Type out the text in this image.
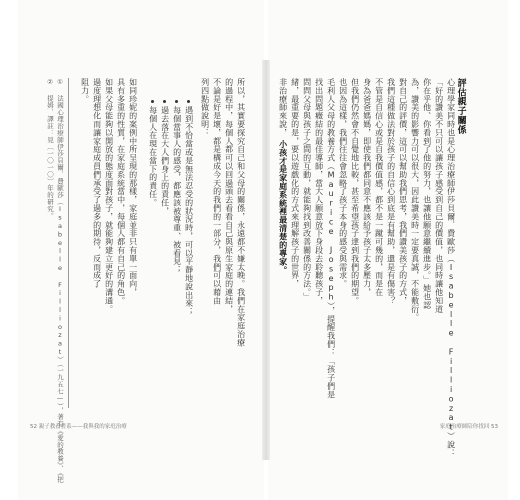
評估親子關係
心理學家同時也是心理治療師伊莎貝爾．費歐莎（Isabelle Filliozat）說：
「好的讚美不只可以讓孩子感受到自己的價值，也同時讓他知道
你在乎他、你看到了他的努力，也讓他願意繼續進步。」她也認
為，讚美的影響力可以很大，因此讚美時一定要真誠，不能敷衍。
對自己的評價，這可以幫助我們思考，我們讚美孩子的方式，
我們這種做法對於孩子的自信心到底是有幫助，還是有傷害？
不管是自信心或是自我價值感，都不是一蹴可幾的，而是在
身為爸爸媽媽，即使我們都同意不應該給予孩子太多壓力，
但我們仍然會不自覺地比較，甚至希望孩子達到我們的期望。
也因為這樣，我們往往會忽略了孩子本身的感受與需求。
毛利人父母的教養方式（Maurice Joseph），提醒我們：「孩子們是
找出問題癥結的最佳導師，當大人願意放下身段去聆聽孩子，
問問父母與孩子之間的互動，就能夠找到改善關係的方法。」
緒，最重要的是，要以遊戲化的方式來理解孩子的世界，
非治療師來說，
小孩才是家庭系統裡最清楚的專家。
所以，其實要探究自己和父母的關係，永遠都不嫌太晚。我們在家庭治療
的過程中，每個人都可以回過頭去看看自己與原生家庭的連結，
不論是好是壞，都是構成今天的我們的一部分，我們可以藉由
列四點做說明：
遇到不恰當或是無法忍受的狀況時，可以平靜地說出來；
每個當事人的感受，都應該被尊重、被看見；
過去落在大人們身上的責任，
每個人在現在當下的責任。
如同珍妮的案例中所呈現的那樣，家庭並非只有單一面向，
具有多重的性質，在家庭系統當中，每個人都有自己的角色。
如果父母能夠以開放的態度面對孩子，就能夠建立更好的溝通。
過度理想化而讓家庭成員們承受了過多的期待，反而成了
阻力。
① 法國心理治療師伊莎貝爾．費歐莎（Isabelle Filliozat）（一九五七—），著有《愛的教養》、《把
② 提姆．譯註：見〔一〇一〇〕年的研究。
52 親子教養書系——我與我的家庭治療	家庭治療師陪你找回 53
